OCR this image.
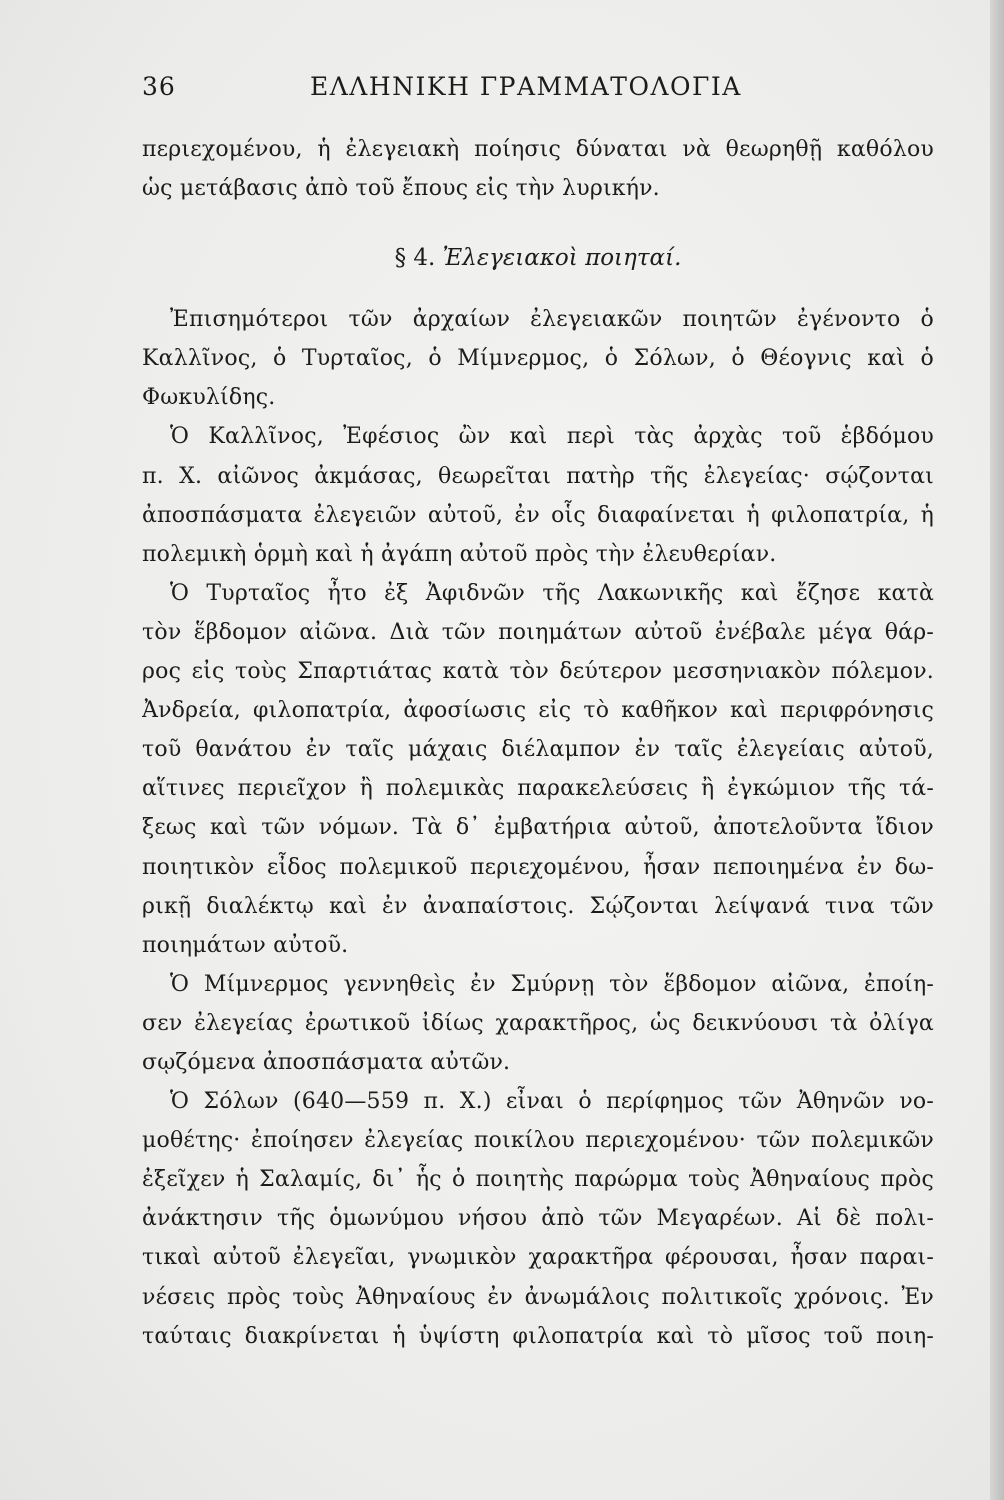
36	ΕΛΛΗΝΙΚΗ ΓΡΑΜΜΑΤΟΛΟΓΙΑ
περιεχομένου, ἡ ἐλεγειακὴ ποίησις δύναται νὰ θεωρηθῇ καθόλου
ὡς μετάβασις ἀπὸ τοῦ ἔπους εἰς τὴν λυρικήν.
§ 4. Ἐλεγειακοὶ ποιηταί.
Ἐπισημότεροι τῶν ἀρχαίων ἐλεγειακῶν ποιητῶν ἐγένοντο ὁ
Καλλῖνος, ὁ Τυρταῖος, ὁ Μίμνερμος, ὁ Σόλων, ὁ Θέογνις καὶ ὁ
Φωκυλίδης.
Ὁ Καλλῖνος, Ἐφέσιος ὢν καὶ περὶ τὰς ἀρχὰς τοῦ ἑβδόμου
π. Χ. αἰῶνος ἀκμάσας, θεωρεῖται πατὴρ τῆς ἐλεγείας· σῴζονται
ἀποσπάσματα ἐλεγειῶν αὐτοῦ, ἐν οἷς διαφαίνεται ἡ φιλοπατρία, ἡ
πολεμικὴ ὁρμὴ καὶ ἡ ἀγάπη αὐτοῦ πρὸς τὴν ἐλευθερίαν.
Ὁ Τυρταῖος ἦτο ἐξ Ἀφιδνῶν τῆς Λακωνικῆς καὶ ἔζησε κατὰ
τὸν ἕβδομον αἰῶνα. Διὰ τῶν ποιημάτων αὐτοῦ ἐνέβαλε μέγα θάρ-
ρος εἰς τοὺς Σπαρτιάτας κατὰ τὸν δεύτερον μεσσηνιακὸν πόλεμον.
Ἀνδρεία, φιλοπατρία, ἀφοσίωσις εἰς τὸ καθῆκον καὶ περιφρόνησις
τοῦ θανάτου ἐν ταῖς μάχαις διέλαμπον ἐν ταῖς ἐλεγείαις αὐτοῦ,
αἵτινες περιεῖχον ἢ πολεμικὰς παρακελεύσεις ἢ ἐγκώμιον τῆς τά-
ξεως καὶ τῶν νόμων. Τὰ δ᾽ ἐμβατήρια αὐτοῦ, ἀποτελοῦντα ἴδιον
ποιητικὸν εἶδος πολεμικοῦ περιεχομένου, ἦσαν πεποιημένα ἐν δω-
ρικῇ διαλέκτῳ καὶ ἐν ἀναπαίστοις. Σῴζονται λείψανά τινα τῶν
ποιημάτων αὐτοῦ.
Ὁ Μίμνερμος γεννηθεὶς ἐν Σμύρνῃ τὸν ἕβδομον αἰῶνα, ἐποίη-
σεν ἐλεγείας ἐρωτικοῦ ἰδίως χαρακτῆρος, ὡς δεικνύουσι τὰ ὀλίγα
σῳζόμενα ἀποσπάσματα αὐτῶν.
Ὁ Σόλων (640—559 π. Χ.) εἶναι ὁ περίφημος τῶν Ἀθηνῶν νο-
μοθέτης· ἐποίησεν ἐλεγείας ποικίλου περιεχομένου· τῶν πολεμικῶν
ἐξεῖχεν ἡ Σαλαμίς, δι᾽ ἧς ὁ ποιητὴς παρώρμα τοὺς Ἀθηναίους πρὸς
ἀνάκτησιν τῆς ὁμωνύμου νήσου ἀπὸ τῶν Μεγαρέων. Αἱ δὲ πολι-
τικαὶ αὐτοῦ ἐλεγεῖαι, γνωμικὸν χαρακτῆρα φέρουσαι, ἦσαν παραι-
νέσεις πρὸς τοὺς Ἀθηναίους ἐν ἀνωμάλοις πολιτικοῖς χρόνοις. Ἐν
ταύταις διακρίνεται ἡ ὑψίστη φιλοπατρία καὶ τὸ μῖσος τοῦ ποιη-
